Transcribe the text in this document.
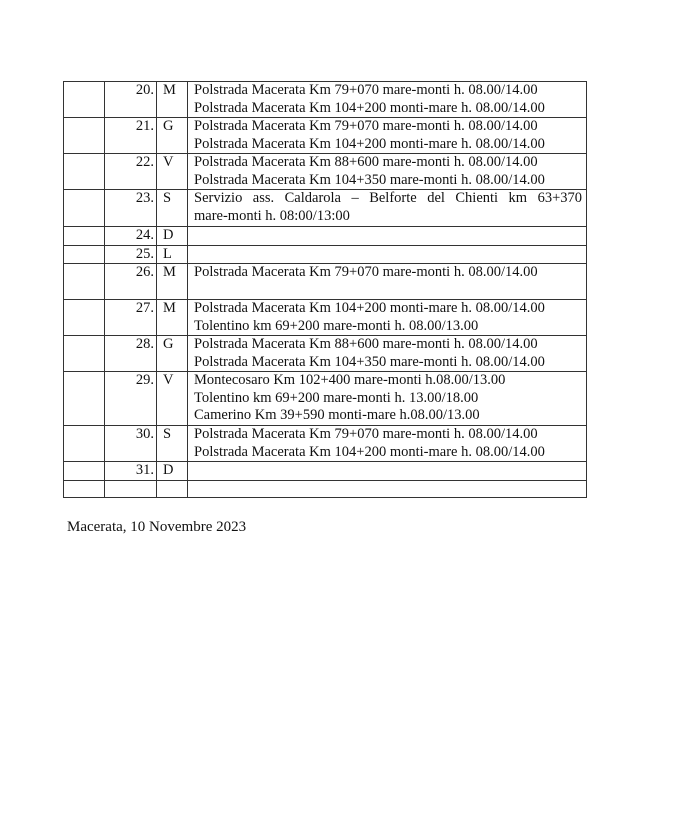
	20.	M	Polstrada Macerata Km 79+070 mare-monti h. 08.00/14.00
Polstrada Macerata Km 104+200 monti-mare h. 08.00/14.00

	21.	G	Polstrada Macerata Km 79+070 mare-monti h. 08.00/14.00
Polstrada Macerata Km 104+200 monti-mare h. 08.00/14.00

	22.	V	Polstrada Macerata Km 88+600 mare-monti h. 08.00/14.00
Polstrada Macerata Km 104+350 mare-monti h. 08.00/14.00

	23.	S	Servizio ass. Caldarola – Belforte del Chienti km 63+370
mare-monti h. 08:00/13:00

	24.	D	
	25.	L	
	26.	M	Polstrada Macerata Km 79+070 mare-monti h. 08.00/14.00

	27.	M	Polstrada Macerata Km 104+200 monti-mare h. 08.00/14.00
Tolentino km 69+200 mare-monti h. 08.00/13.00

	28.	G	Polstrada Macerata Km 88+600 mare-monti h. 08.00/14.00
Polstrada Macerata Km 104+350 mare-monti h. 08.00/14.00

	29.	V	Montecosaro Km 102+400 mare-monti h.08.00/13.00
Tolentino km 69+200 mare-monti h. 13.00/18.00
Camerino Km 39+590 monti-mare h.08.00/13.00

	30.	S	Polstrada Macerata Km 79+070 mare-monti h. 08.00/14.00
Polstrada Macerata Km 104+200 monti-mare h. 08.00/14.00

	31.	D	

Macerata, 10 Novembre 2023
